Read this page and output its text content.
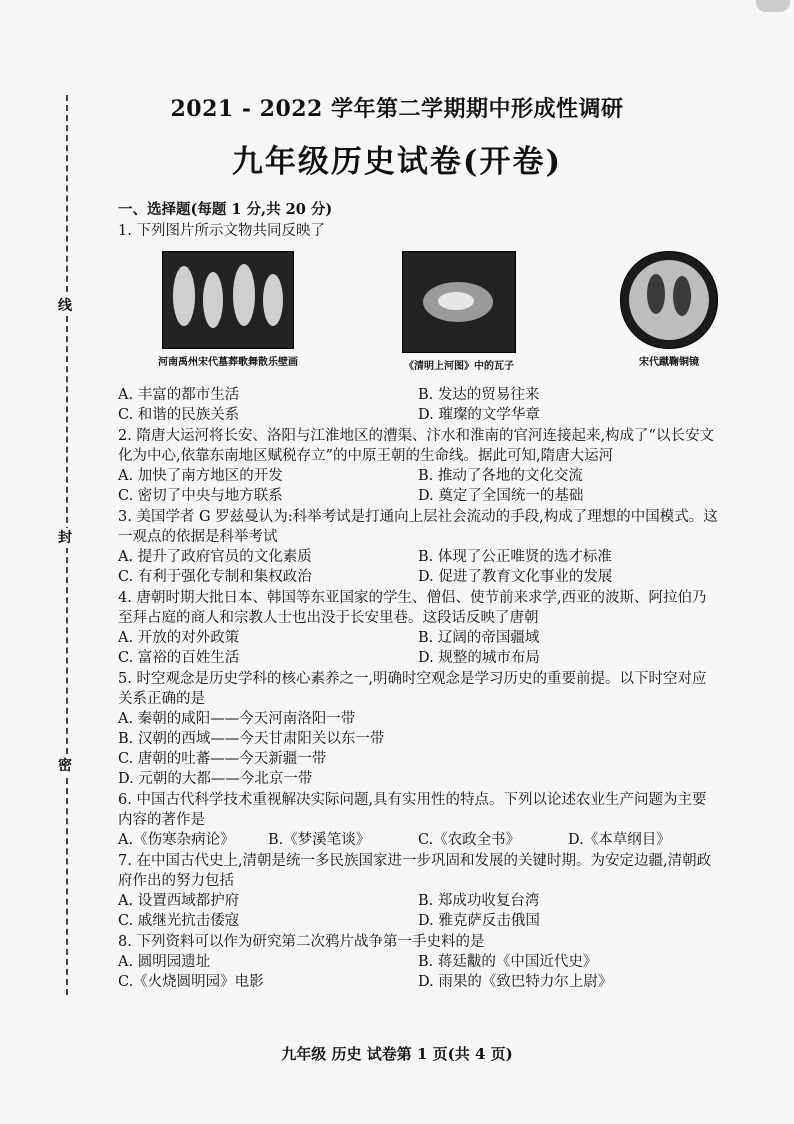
线
封
密
2021 - 2022 学年第二学期期中形成性调研
九年级历史试卷(开卷)
一、选择题(每题 1 分,共 20 分)
1. 下列图片所示文物共同反映了
河南禹州宋代墓葬歌舞散乐壁画	《清明上河图》中的瓦子	宋代蹴鞠铜镜
A. 丰富的都市生活	B. 发达的贸易往来
C. 和谐的民族关系	D. 璀璨的文学华章
2. 隋唐大运河将长安、洛阳与江淮地区的漕渠、汴水和淮南的官河连接起来,构成了“以长安文化为中心,依靠东南地区赋税存立”的中原王朝的生命线。据此可知,隋唐大运河
A. 加快了南方地区的开发	B. 推动了各地的文化交流
C. 密切了中央与地方联系	D. 奠定了全国统一的基础
3. 美国学者 G 罗兹曼认为:科举考试是打通向上层社会流动的手段,构成了理想的中国模式。这一观点的依据是科举考试
A. 提升了政府官员的文化素质	B. 体现了公正唯贤的选才标准
C. 有利于强化专制和集权政治	D. 促进了教育文化事业的发展
4. 唐朝时期大批日本、韩国等东亚国家的学生、僧侣、使节前来求学,西亚的波斯、阿拉伯乃至拜占庭的商人和宗教人士也出没于长安里巷。这段话反映了唐朝
A. 开放的对外政策	B. 辽阔的帝国疆域
C. 富裕的百姓生活	D. 规整的城市布局
5. 时空观念是历史学科的核心素养之一,明确时空观念是学习历史的重要前提。以下时空对应关系正确的是
A. 秦朝的咸阳——今天河南洛阳一带
B. 汉朝的西域——今天甘肃阳关以东一带
C. 唐朝的吐蕃——今天新疆一带
D. 元朝的大都——今北京一带
6. 中国古代科学技术重视解决实际问题,具有实用性的特点。下列以论述农业生产问题为主要内容的著作是
A.《伤寒杂病论》	B.《梦溪笔谈》	C.《农政全书》	D.《本草纲目》
7. 在中国古代史上,清朝是统一多民族国家进一步巩固和发展的关键时期。为安定边疆,清朝政府作出的努力包括
A. 设置西域都护府	B. 郑成功收复台湾
C. 戚继光抗击倭寇	D. 雅克萨反击俄国
8. 下列资料可以作为研究第二次鸦片战争第一手史料的是
A. 圆明园遗址	B. 蒋廷黻的《中国近代史》
C.《火烧圆明园》电影	D. 雨果的《致巴特力尔上尉》
九年级 历史 试卷第 1 页(共 4 页)
